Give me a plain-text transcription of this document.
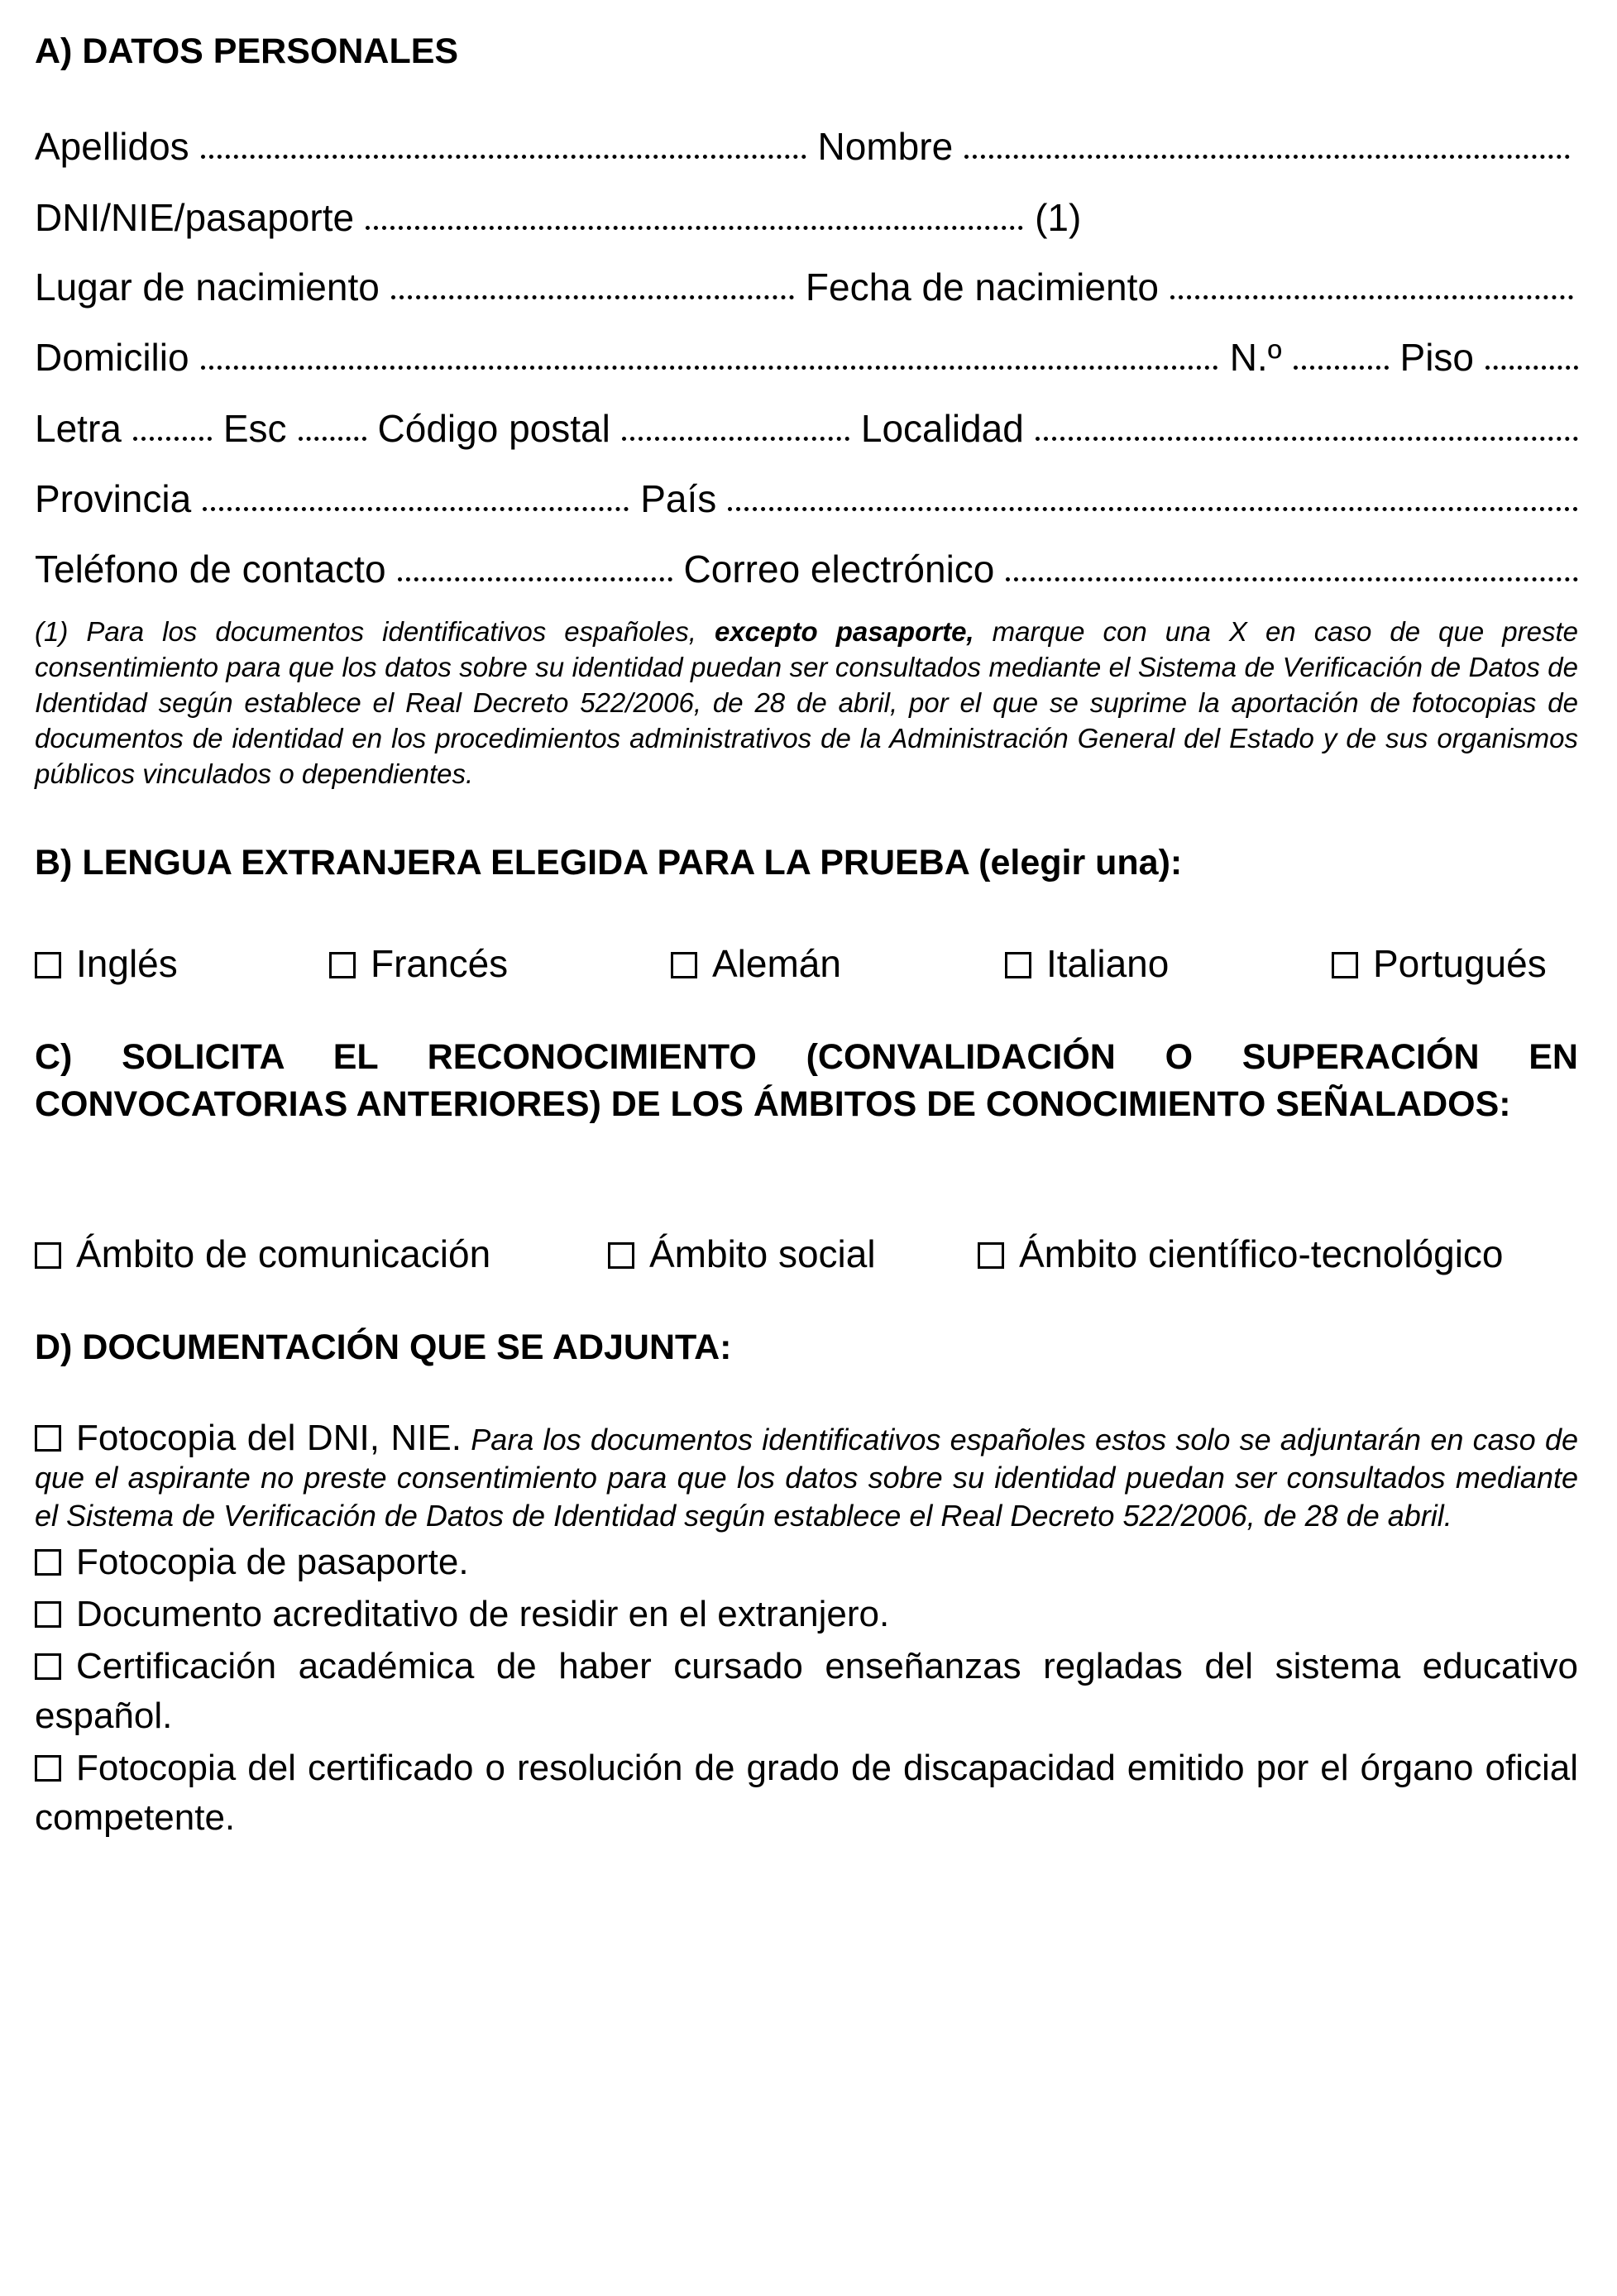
A) DATOS PERSONALES
Apellidos	Nombre
DNI/NIE/pasaporte	(1)
Lugar de nacimiento	Fecha de nacimiento
Domicilio	N.º	Piso
Letra	Esc Código postal	Localidad
Provincia	País
Teléfono de contacto	Correo electrónico

(1) Para los documentos identificativos españoles, excepto pasaporte, marque con una X en caso de que preste consentimiento para que los datos sobre su identidad puedan ser consultados mediante el Sistema de Verificación de Datos de Identidad según establece el Real Decreto 522/2006, de 28 de abril, por el que se suprime la aportación de fotocopias de documentos de identidad en los procedimientos administrativos de la Administración General del Estado y de sus organismos públicos vinculados o dependientes.

B) LENGUA EXTRANJERA ELEGIDA PARA LA PRUEBA (elegir una):
Inglés	Francés	Alemán	Italiano	Portugués
C) SOLICITA EL RECONOCIMIENTO (CONVALIDACIÓN O SUPERACIÓN EN CONVOCATORIAS ANTERIORES) DE LOS ÁMBITOS DE CONOCIMIENTO SEÑALADOS:
Ámbito de comunicación	Ámbito social	Ámbito científico-tecnológico
D) DOCUMENTACIÓN QUE SE ADJUNTA:
Fotocopia del DNI, NIE. Para los documentos identificativos españoles estos solo se adjuntarán en caso de que el aspirante no preste consentimiento para que los datos sobre su identidad puedan ser consultados mediante el Sistema de Verificación de Datos de Identidad según establece el Real Decreto 522/2006, de 28 de abril.
Fotocopia de pasaporte.
Documento acreditativo de residir en el extranjero.
Certificación académica de haber cursado enseñanzas regladas del sistema educativo español.
Fotocopia del certificado o resolución de grado de discapacidad emitido por el órgano oficial competente.
